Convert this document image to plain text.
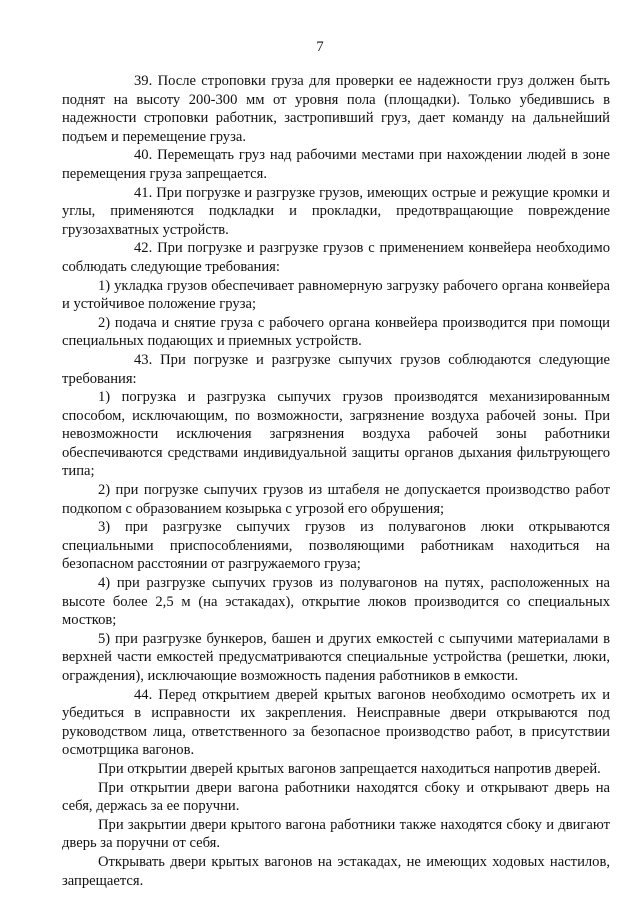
7

39. После строповки груза для проверки ее надежности груз должен быть поднят на высоту 200-300 мм от уровня пола (площадки). Только убедившись в надежности строповки работник, застропивший груз, дает команду на дальнейший подъем и перемещение груза.

40. Перемещать груз над рабочими местами при нахождении людей в зоне перемещения груза запрещается.

41. При погрузке и разгрузке грузов, имеющих острые и режущие кромки и углы, применяются подкладки и прокладки, предотвращающие повреждение грузозахватных устройств.

42. При погрузке и разгрузке грузов с применением конвейера необходимо соблюдать следующие требования:

1) укладка грузов обеспечивает равномерную загрузку рабочего органа конвейера и устойчивое положение груза;

2) подача и снятие груза с рабочего органа конвейера производится при помощи специальных подающих и приемных устройств.

43. При погрузке и разгрузке сыпучих грузов соблюдаются следующие требования:

1) погрузка и разгрузка сыпучих грузов производятся механизированным способом, исключающим, по возможности, загрязнение воздуха рабочей зоны. При невозможности исключения загрязнения воздуха рабочей зоны работники обеспечиваются средствами индивидуальной защиты органов дыхания фильтрующего типа;

2) при погрузке сыпучих грузов из штабеля не допускается производство работ подкопом с образованием козырька с угрозой его обрушения;

3) при разгрузке сыпучих грузов из полувагонов люки открываются специальными приспособлениями, позволяющими работникам находиться на безопасном расстоянии от разгружаемого груза;

4) при разгрузке сыпучих грузов из полувагонов на путях, расположенных на высоте более 2,5 м (на эстакадах), открытие люков производится со специальных мостков;

5) при разгрузке бункеров, башен и других емкостей с сыпучими материалами в верхней части емкостей предусматриваются специальные устройства (решетки, люки, ограждения), исключающие возможность падения работников в емкости.

44. Перед открытием дверей крытых вагонов необходимо осмотреть их и убедиться в исправности их закрепления. Неисправные двери открываются под руководством лица, ответственного за безопасное производство работ, в присутствии осмотрщика вагонов.

При открытии дверей крытых вагонов запрещается находиться напротив дверей.

При открытии двери вагона работники находятся сбоку и открывают дверь на себя, держась за ее поручни.

При закрытии двери крытого вагона работники также находятся сбоку и двигают дверь за поручни от себя.

Открывать двери крытых вагонов на эстакадах, не имеющих ходовых настилов, запрещается.
